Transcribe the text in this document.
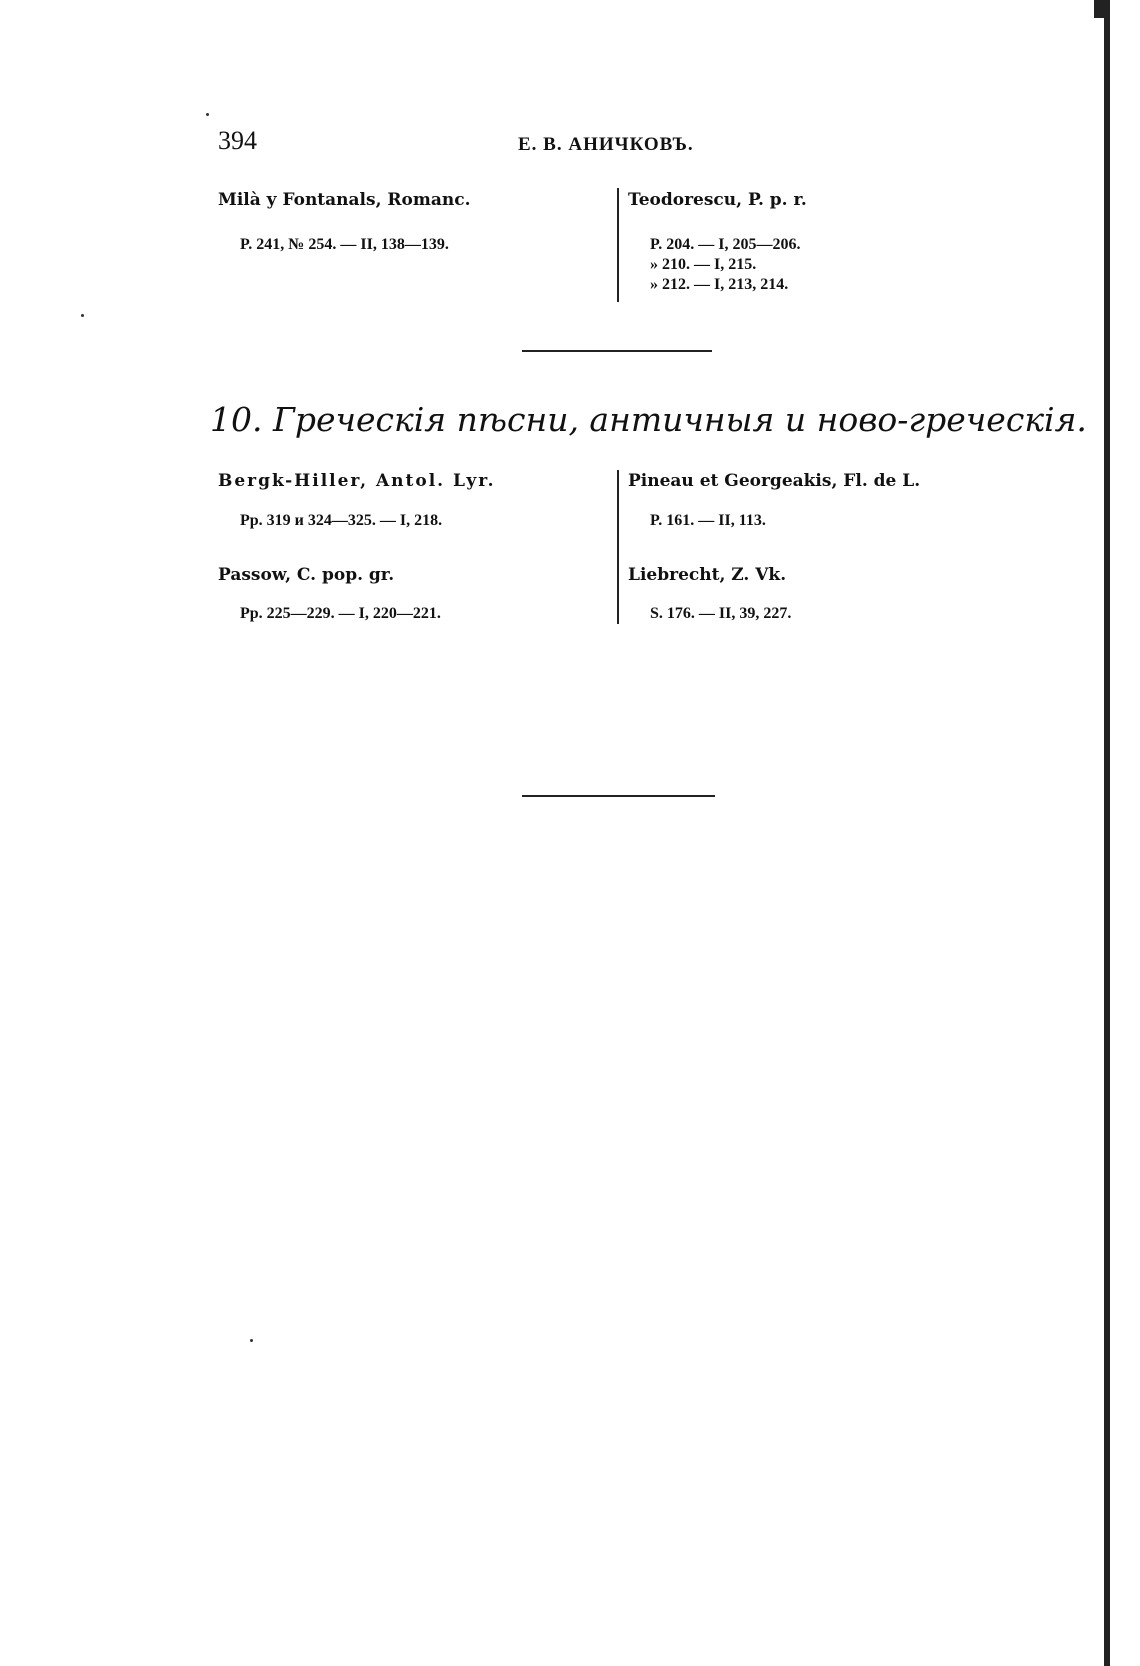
394	Е. В. АНИЧКОВЪ.
Milà y Fontanals, Romanc.
P. 241, № 254. — II, 138—139.
Teodorescu, P. p. r.
P. 204. — I, 205—206.
» 210. — I, 215.
» 212. — I, 213, 214.
10. Греческія пѣсни, античныя и ново-греческія.
Bergk-Hiller, Antol. Lyr.
Pp. 319 и 324—325. — I, 218.
Passow, C. pop. gr.
Pp. 225—229. — I, 220—221.
Pineau et Georgeakis, Fl. de L.
P. 161. — II, 113.
Liebrecht, Z. Vk.
S. 176. — II, 39, 227.
